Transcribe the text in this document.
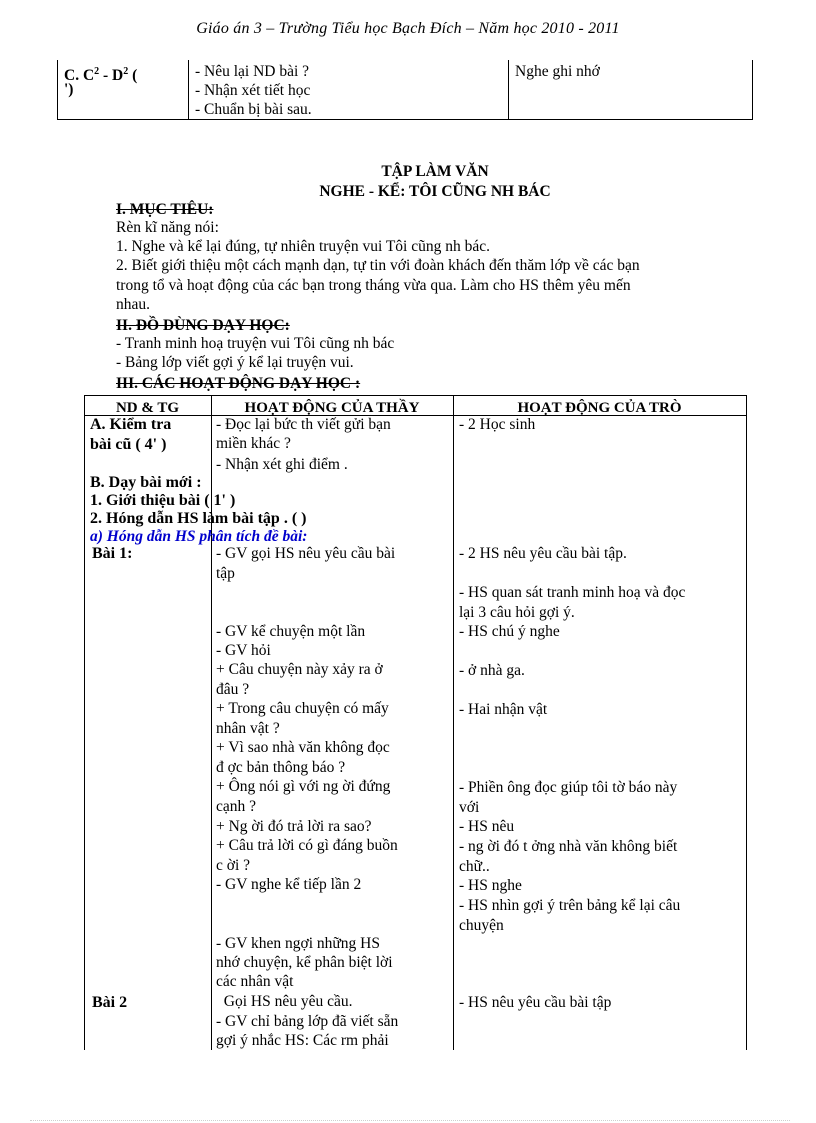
Giáo án 3 – Trường Tiểu học Bạch Đích – Năm học 2010 - 2011
C. $C^2 - D^2$ (
')
- Nêu lại ND bài ?
- Nhận xét tiết học
- Chuẩn bị bài sau.
Nghe ghi nhớ
TẬP LÀM VĂN
NGHE - KỂ: TÔI CŨNG NH BÁC
I. MỤC TIÊU:
Rèn kĩ năng nói:
1. Nghe và kể lại đúng, tự nhiên truyện vui Tôi cũng nh bác.
2. Biết giới thiệu một cách mạnh dạn, tự tin với đoàn khách đến thăm lớp về các bạn
trong tổ và hoạt động của các bạn trong tháng vừa qua. Làm cho HS thêm yêu mến
nhau.
II. ĐỒ DÙNG DẠY HỌC:
- Tranh minh hoạ truyện vui Tôi cũng nh bác
- Bảng lớp viết gợi ý kể lại truyện vui.
III. CÁC HOẠT ĐỘNG DẠY HỌC :
ND & TG	HOẠT ĐỘNG CỦA THẦY	HOẠT ĐỘNG CỦA TRÒ
A. Kiểm tra
bài cũ ( 4' )
- Đọc lại bức th viết gửi bạn
miền khác ?
- Nhận xét ghi điểm .
- 2 Học sinh
B. Dạy bài mới :
1. Giới thiệu bài ( 1' )
2. Hóng dẫn HS làm bài tập . ( )
a) Hóng dẫn HS phân tích đề bài:
Bài 1:
Bài 2
- GV gọi HS nêu yêu cầu bài
tập
- GV kể chuyện một lần
- GV hỏi
+ Câu chuyện này xảy ra ở
đâu ?
+ Trong câu chuyện có mấy
nhân vật ?
+ Vì sao nhà văn không đọc
đ ợc bản thông báo ?
+ Ông nói gì với ng ời đứng
cạnh ?
+ Ng ời đó trả lời ra sao?
+ Câu trả lời có gì đáng buồn
c ời ?
- GV nghe kể tiếp lần 2
- GV khen ngợi những HS
nhớ chuyện, kể phân biệt lời
các nhân vật
Gọi HS nêu yêu cầu.
- GV chỉ bảng lớp đã viết sẵn
gợi ý nhắc HS: Các rm phải
- 2 HS nêu yêu cầu bài tập.
- HS quan sát tranh minh hoạ và đọc
lại 3 câu hỏi gợi ý.
- HS chú ý nghe
- ở nhà ga.
- Hai nhận vật
- Phiền ông đọc giúp tôi tờ báo này
với
- HS nêu
- ng ời đó t ởng nhà văn không biết
chữ..
- HS nghe
- HS nhìn gợi ý trên bảng kể lại câu
chuyện
- HS nêu yêu cầu bài tập
